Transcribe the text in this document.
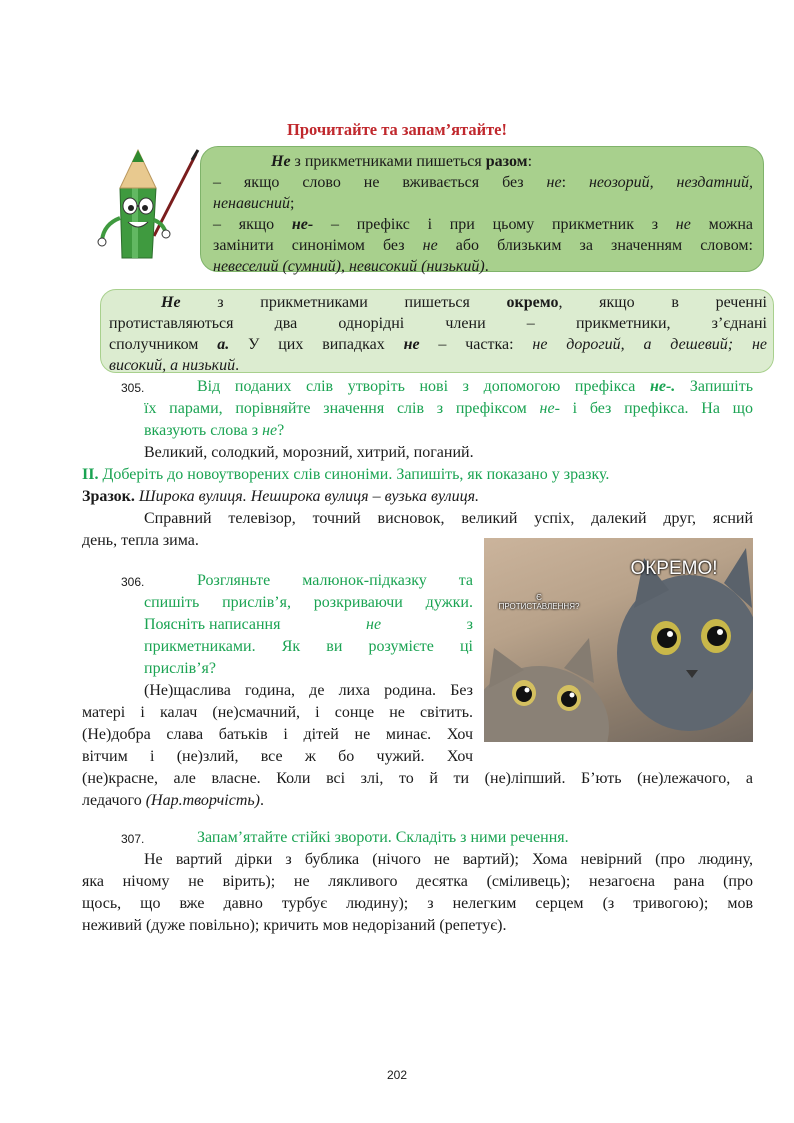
Прочитайте та запам’ятайте!
Не з прикметниками пишеться разом:
– якщо слово не вживається без не: неозорий, нездатний,
ненависний;
– якщо не- – префікс і при цьому прикметник з не можна
замінити синонімом без не або близьким за значенням словом:
невеселий (сумний), невисокий (низький).
Не з прикметниками пишеться окремо, якщо в реченні
протиставляються два однорідні члени – прикметники, з’єднані
сполучником а. У цих випадках не – частка: не дорогий, а дешевий; не
високий, а низький.
305.	Від поданих слів утворіть нові з допомогою префікса не-. Запишіть
їх парами, порівняйте значення слів з префіксом не- і без префікса. На що
вказують слова з не?
Великий, солодкий, морозний, хитрий, поганий.
ІІ. Доберіть до новоутворених слів синоніми. Запишіть, як показано у зразку.
Зразок. Широка вулиця. Неширока вулиця – вузька вулиця.
Справний телевізор, точний висновок, великий успіх, далекий друг, ясний
день, тепла зима.
306.	Розгляньте малюнок-підказку та
спишіть прислів’я, розкриваючи дужки.
Поясніть написання	не	з
прикметниками. Як ви розумієте ці
прислів’я?
(Не)щаслива година, де лиха родина. Без
матері і калач (не)смачний, і сонце не світить.
(Не)добра слава батьків і дітей не минає. Хоч
вітчим і (не)злий, все ж бо чужий. Хоч
(не)красне, але власне. Коли всі злі, то й ти (не)ліпший. Б’ють (не)лежачого, а
ледачого (Нар.творчість).
ОКРЕМО!
Є
ПРОТИСТАВЛЕННЯ?
307.	Запам’ятайте стійкі звороти. Складіть з ними речення.
Не вартий дірки з бублика (нічого не вартий); Хома невірний (про людину,
яка нічому не вірить); не лякливого десятка (сміливець); незагоєна рана (про
щось, що вже давно турбує людину); з нелегким серцем (з тривогою); мов
неживий (дуже повільно); кричить мов недорізаний (репетує).
202
